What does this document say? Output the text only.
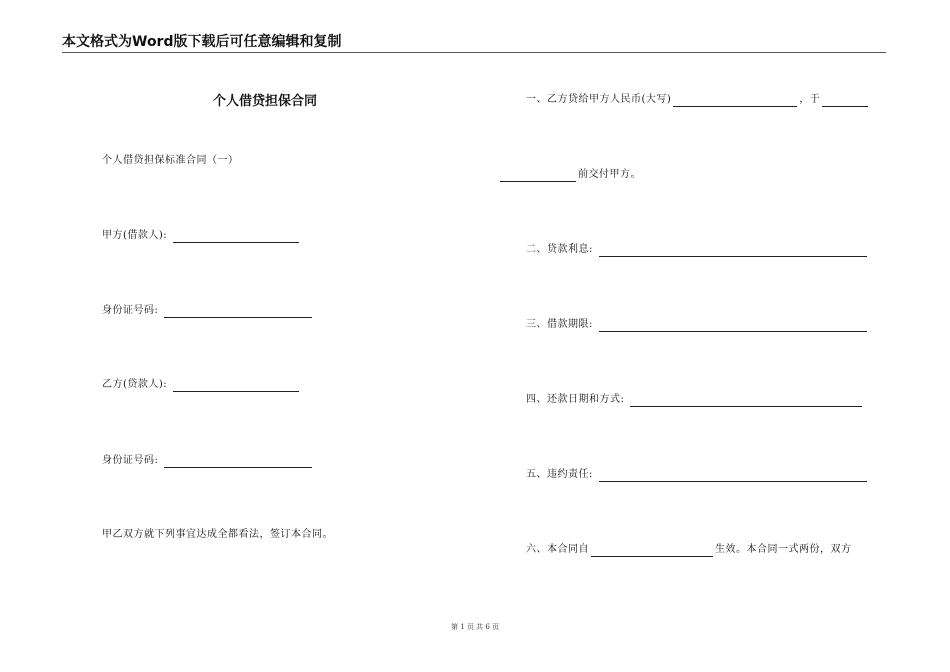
本文格式为Word版下载后可任意编辑和复制
个人借贷担保合同
个人借贷担保标准合同（一）
甲方(借款人):
身份证号码:
乙方(贷款人):
身份证号码:
甲乙双方就下列事宜达成全都看法，签订本合同。
一、乙方贷给甲方人民币(大写)	，于
前交付甲方。
二、贷款利息:
三、借款期限:
四、还款日期和方式:
五、违约责任:
六、本合同自	生效。本合同一式两份，双方
第 1 页 共 6 页
